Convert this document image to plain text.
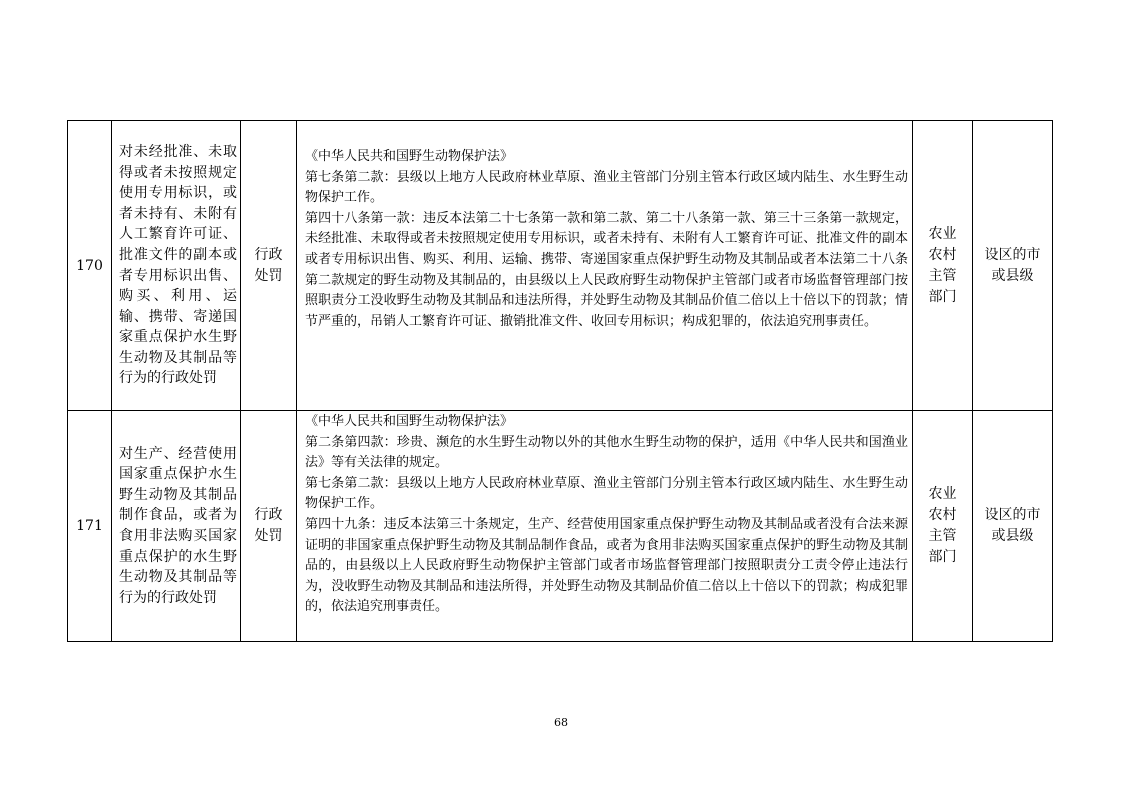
170	对未经批准、未取得或者未按照规定使用专用标识，或者未持有、未附有人工繁育许可证、批准文件的副本或者专用标识出售、购买、利用、运输、携带、寄递国家重点保护水生野生动物及其制品等行为的行政处罚	行政处罚	《中华人民共和国野生动物保护法》

第七条第二款：县级以上地方人民政府林业草原、渔业主管部门分别主管本行政区域内陆生、水生野生动物保护工作。

第四十八条第一款：违反本法第二十七条第一款和第二款、第二十八条第一款、第三十三条第一款规定，未经批准、未取得或者未按照规定使用专用标识，或者未持有、未附有人工繁育许可证、批准文件的副本或者专用标识出售、购买、利用、运输、携带、寄递国家重点保护野生动物及其制品或者本法第二十八条第二款规定的野生动物及其制品的，由县级以上人民政府野生动物保护主管部门或者市场监督管理部门按照职责分工没收野生动物及其制品和违法所得，并处野生动物及其制品价值二倍以上十倍以下的罚款；情节严重的，吊销人工繁育许可证、撤销批准文件、收回专用标识；构成犯罪的，依法追究刑事责任。	农业农村主管部门	设区的市或县级
171	对生产、经营使用国家重点保护水生野生动物及其制品制作食品，或者为食用非法购买国家重点保护的水生野生动物及其制品等行为的行政处罚	行政处罚	《中华人民共和国野生动物保护法》

第二条第四款：珍贵、濒危的水生野生动物以外的其他水生野生动物的保护，适用《中华人民共和国渔业法》等有关法律的规定。

第七条第二款：县级以上地方人民政府林业草原、渔业主管部门分别主管本行政区域内陆生、水生野生动物保护工作。

第四十九条：违反本法第三十条规定，生产、经营使用国家重点保护野生动物及其制品或者没有合法来源证明的非国家重点保护野生动物及其制品制作食品，或者为食用非法购买国家重点保护的野生动物及其制品的，由县级以上人民政府野生动物保护主管部门或者市场监督管理部门按照职责分工责令停止违法行为，没收野生动物及其制品和违法所得，并处野生动物及其制品价值二倍以上十倍以下的罚款；构成犯罪的，依法追究刑事责任。	农业农村主管部门	设区的市或县级
68
